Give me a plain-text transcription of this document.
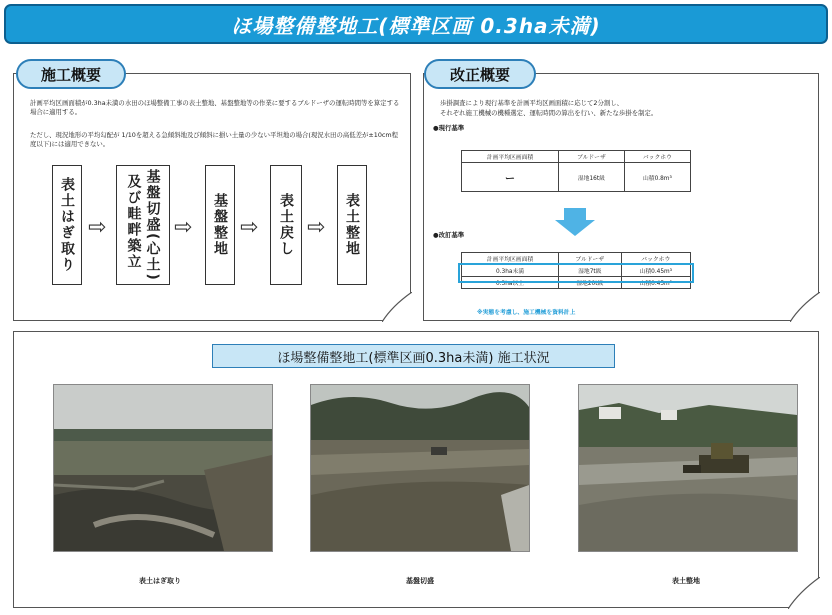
ほ場整備整地工(標準区画 0.3ha未満)
施工概要
計画平均区画面積が0.3ha未満の水田のほ場整備工事の表土整地、基盤整地等の作業に要するブルドーザの運転時間等を算定する場合に適用する。
ただし、現況地形の平均勾配が 1/10を超える急傾斜地及び傾斜に損い土量の少ない平坦地の場合(現況水田の高低差が±10cm程度以下)には適用できない。
表土はぎ取り ⇨	基盤切盛(心土)
及び畦畔築立 ⇨ 基盤整地 ⇨ 表土戻し ⇨ 表土整地
改正概要
歩掛調査により現行基準を計画平均区画面積に応じて2分割し、
それぞれ施工機械の機種選定、運転時間の算出を行い、新たな歩掛を制定。
●現行基準
計画平均区画面積	ブルドーザ	バックホウ
ー	湿地16t級	山積0.8m³
●改訂基準
計画平均区画面積	ブルドーザ	バックホウ
0.3ha未満	湿地7t級	山積0.45m³
0.3ha以上	湿地20t級	山積0.45m³
※実態を考慮し、施工機械を資料計上
ほ場整備整地工(標準区画0.3ha未満) 施工状況
表土はぎ取り	基盤切盛	表土整地
